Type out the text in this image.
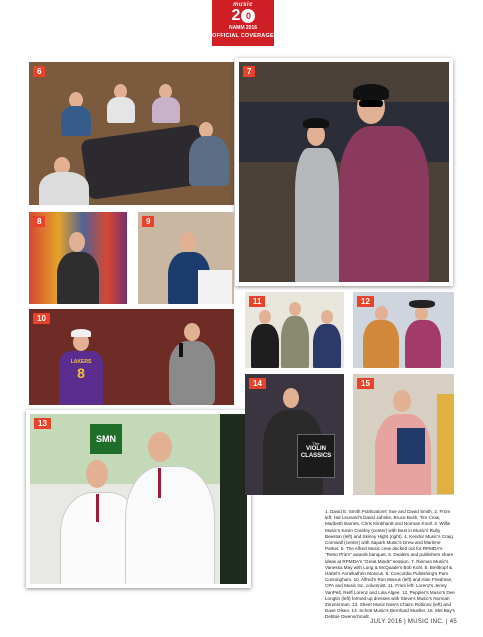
music
2 0
NAMM 2016
OFFICIAL COVERAGE
6	7
8	9
10
LAKERS
8
11	12
13
SMN
14
The
VIOLIN CLASSICS
15
1. David E. Smith Publications' Sue and David Smith. 2. From left: Hal Leonard's David Jahnke, Bruce Bush, Tim Crow, Maribeth Barnes, Chris Klinkhardt and Norman Knoll. 3. Willis Music's Kevin Cranley (center) with Best in Music's Ruby Beeston (left) and Skinny Hight (right). 4. Kendor Music's Craig Cornwall (center) with Sapark Music's Drew and Marlene Parker. 5. The Alfred Music crew decked out for RPMDA's "Retro Prom" awards banquet. 6. Dealers and publishers share ideas at RPMDA's "Great Minds" session. 7. Rieman Music's Vanessa May with Long & McQuade's Bob Kohl. 8. Breitkopf & Härtel's Annekathrin Moscus. 9. Concordia Publishing's Pam Cunningham. 10. Alfred's Ron Manus (left) and Alan Friedman, CPA and Music Inc. columnist. 11. From left: Lorenz's Jenny VanPelt, Reiff Lorenz and Lisa Algee. 12. Peppler's Music's Dee Longtin (left) formed up dresses with Steve's Music's Norman Zimmerman. 13. Sheet Music Now's Chairn Robinov (left) and Dave Olsen. 14. Schott Music's Bernhard Mueller. 15. Mel Bay's Debbie Owenschmidt.
JULY 2016 | MUSIC INC. | 45
